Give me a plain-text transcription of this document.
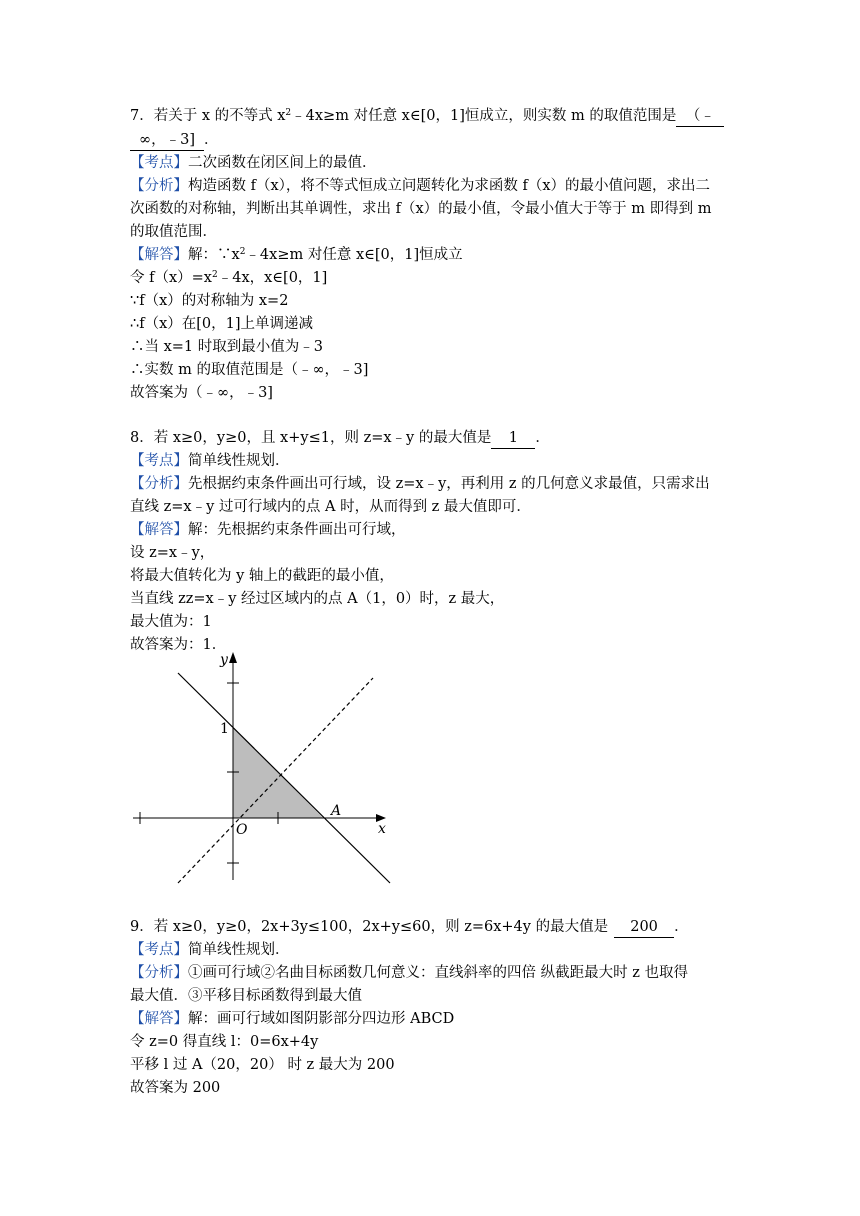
7．若关于 x 的不等式 $x^2﹣4x\ge m$ 对任意 x∈[0，1]恒成立，则实数 m 的取值范围是 （﹣
∞，﹣3] ．
【考点】二次函数在闭区间上的最值．
【分析】构造函数 f（x），将不等式恒成立问题转化为求函数 f（x）的最小值问题，求出二
次函数的对称轴，判断出其单调性，求出 f（x）的最小值，令最小值大于等于 m 即得到 m
的取值范围．
【解答】解：$\because x^2﹣4x\ge m$ 对任意 x∈[0，1]恒成立
令 $f(x)=x^2﹣4x$，x∈[0，1]
∵f（x）的对称轴为 x=2
∴f（x）在[0，1]上单调递减
∴当 x=1 时取到最小值为﹣3
∴实数 m 的取值范围是（﹣∞，﹣3]
故答案为（﹣∞，﹣3]
8．若 x≥0，y≥0，且 x+y≤1，则 z=x﹣y 的最大值是 1 ．
【考点】简单线性规划．
【分析】先根据约束条件画出可行域，设 z=x﹣y，再利用 z 的几何意义求最值，只需求出
直线 z=x﹣y 过可行域内的点 A 时，从而得到 z 最大值即可．
【解答】解：先根据约束条件画出可行域，
设 z=x﹣y，
将最大值转化为 y 轴上的截距的最小值，
当直线 zz=x﹣y 经过区域内的点 A（1，0）时，z 最大，
最大值为：1
故答案为：1．
y
x
O
1
A
9．若 x≥0，y≥0，2x+3y≤100，2x+y≤60，则 z=6x+4y 的最大值是 200 ．
【考点】简单线性规划．
【分析】①画可行域②名曲目标函数几何意义：直线斜率的四倍 纵截距最大时 z 也取得
最大值．③平移目标函数得到最大值
【解答】解：画可行域如图阴影部分四边形 ABCD
令 z=0 得直线 l：0=6x+4y
平移 l 过 A（20，20） 时 z 最大为 200
故答案为 200
